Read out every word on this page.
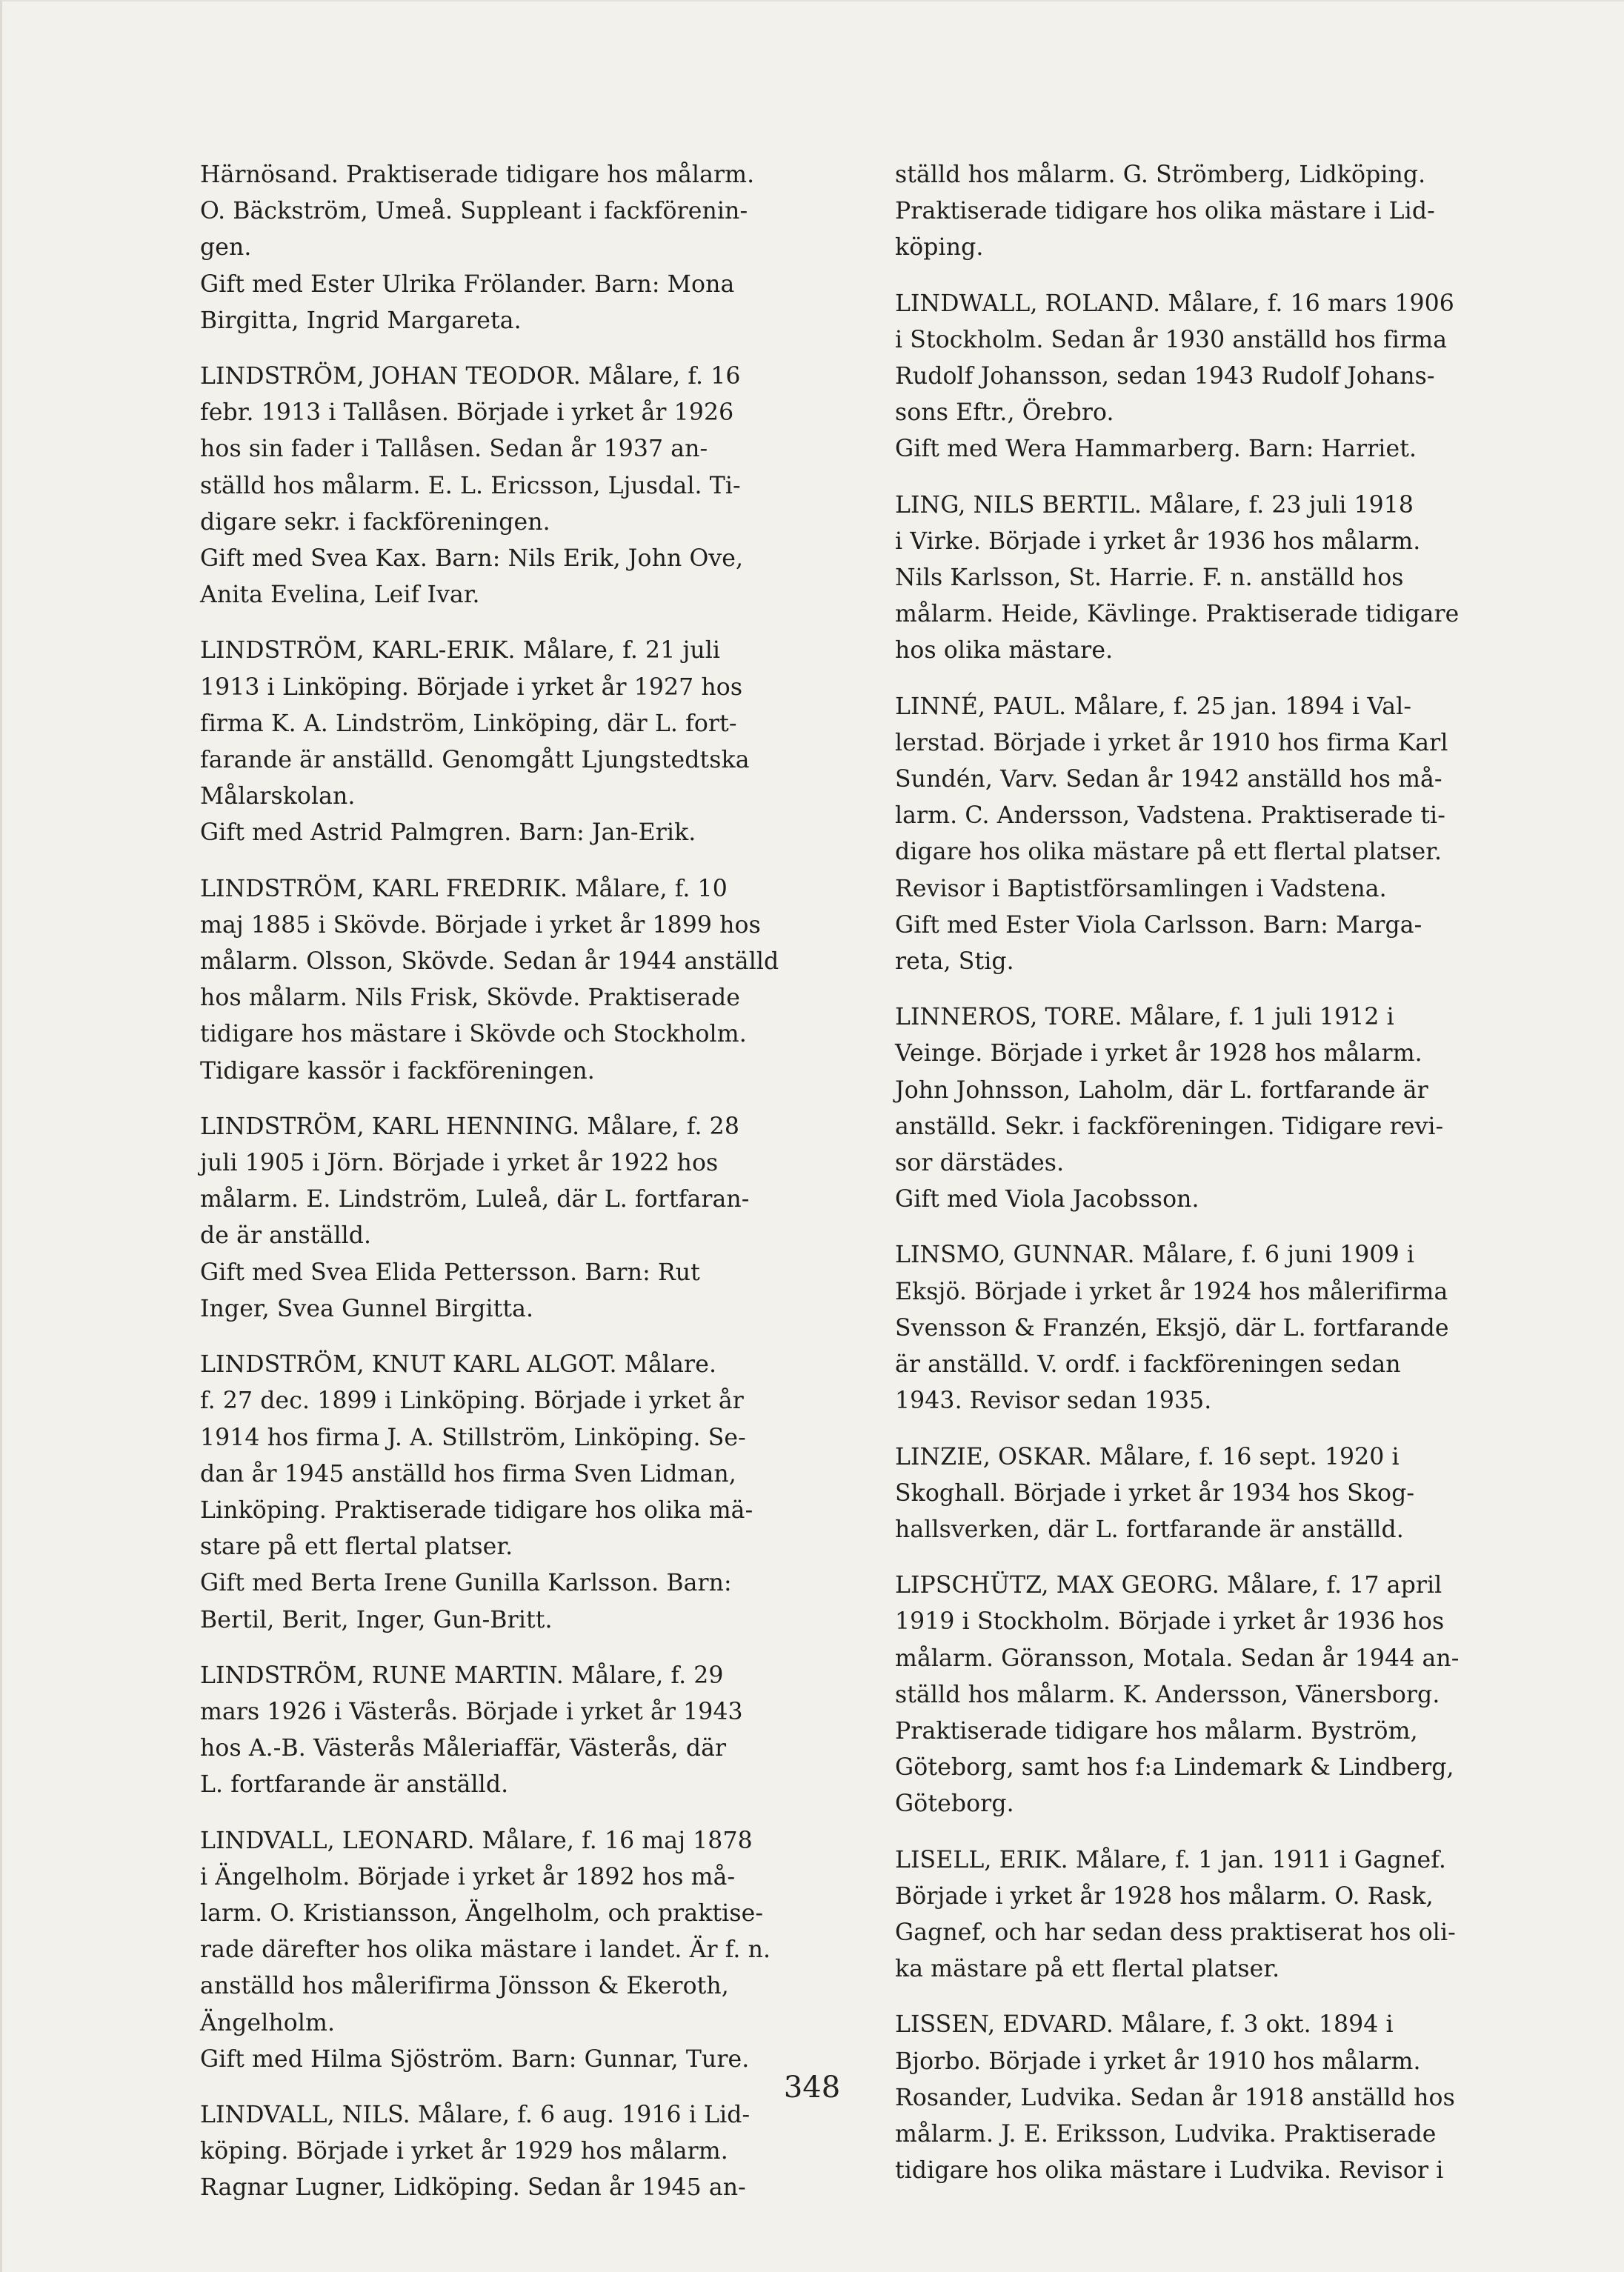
Härnösand. Praktiserade tidigare hos målarm.
O. Bäckström, Umeå. Suppleant i fackförenin-
gen.
Gift med Ester Ulrika Frölander. Barn: Mona
Birgitta, Ingrid Margareta.
LINDSTRÖM, JOHAN TEODOR. Målare, f. 16
febr. 1913 i Tallåsen. Började i yrket år 1926
hos sin fader i Tallåsen. Sedan år 1937 an-
ställd hos målarm. E. L. Ericsson, Ljusdal. Ti-
digare sekr. i fackföreningen.
Gift med Svea Kax. Barn: Nils Erik, John Ove,
Anita Evelina, Leif Ivar.
LINDSTRÖM, KARL-ERIK. Målare, f. 21 juli
1913 i Linköping. Började i yrket år 1927 hos
firma K. A. Lindström, Linköping, där L. fort-
farande är anställd. Genomgått Ljungstedtska
Målarskolan.
Gift med Astrid Palmgren. Barn: Jan-Erik.
LINDSTRÖM, KARL FREDRIK. Målare, f. 10
maj 1885 i Skövde. Började i yrket år 1899 hos
målarm. Olsson, Skövde. Sedan år 1944 anställd
hos målarm. Nils Frisk, Skövde. Praktiserade
tidigare hos mästare i Skövde och Stockholm.
Tidigare kassör i fackföreningen.
LINDSTRÖM, KARL HENNING. Målare, f. 28
juli 1905 i Jörn. Började i yrket år 1922 hos
målarm. E. Lindström, Luleå, där L. fortfaran-
de är anställd.
Gift med Svea Elida Pettersson. Barn: Rut
Inger, Svea Gunnel Birgitta.
LINDSTRÖM, KNUT KARL ALGOT. Målare.
f. 27 dec. 1899 i Linköping. Började i yrket år
1914 hos firma J. A. Stillström, Linköping. Se-
dan år 1945 anställd hos firma Sven Lidman,
Linköping. Praktiserade tidigare hos olika mä-
stare på ett flertal platser.
Gift med Berta Irene Gunilla Karlsson. Barn:
Bertil, Berit, Inger, Gun-Britt.
LINDSTRÖM, RUNE MARTIN. Målare, f. 29
mars 1926 i Västerås. Började i yrket år 1943
hos A.-B. Västerås Måleriaffär, Västerås, där
L. fortfarande är anställd.
LINDVALL, LEONARD. Målare, f. 16 maj 1878
i Ängelholm. Började i yrket år 1892 hos må-
larm. O. Kristiansson, Ängelholm, och praktise-
rade därefter hos olika mästare i landet. Är f. n.
anställd hos målerifirma Jönsson & Ekeroth,
Ängelholm.
Gift med Hilma Sjöström. Barn: Gunnar, Ture.
LINDVALL, NILS. Målare, f. 6 aug. 1916 i Lid-
köping. Började i yrket år 1929 hos målarm.
Ragnar Lugner, Lidköping. Sedan år 1945 an-
ställd hos målarm. G. Strömberg, Lidköping.
Praktiserade tidigare hos olika mästare i Lid-
köping.
LINDWALL, ROLAND. Målare, f. 16 mars 1906
i Stockholm. Sedan år 1930 anställd hos firma
Rudolf Johansson, sedan 1943 Rudolf Johans-
sons Eftr., Örebro.
Gift med Wera Hammarberg. Barn: Harriet.
LING, NILS BERTIL. Målare, f. 23 juli 1918
i Virke. Började i yrket år 1936 hos målarm.
Nils Karlsson, St. Harrie. F. n. anställd hos
målarm. Heide, Kävlinge. Praktiserade tidigare
hos olika mästare.
LINNÉ, PAUL. Målare, f. 25 jan. 1894 i Val-
lerstad. Började i yrket år 1910 hos firma Karl
Sundén, Varv. Sedan år 1942 anställd hos må-
larm. C. Andersson, Vadstena. Praktiserade ti-
digare hos olika mästare på ett flertal platser.
Revisor i Baptistförsamlingen i Vadstena.
Gift med Ester Viola Carlsson. Barn: Marga-
reta, Stig.
LINNEROS, TORE. Målare, f. 1 juli 1912 i
Veinge. Började i yrket år 1928 hos målarm.
John Johnsson, Laholm, där L. fortfarande är
anställd. Sekr. i fackföreningen. Tidigare revi-
sor därstädes.
Gift med Viola Jacobsson.
LINSMO, GUNNAR. Målare, f. 6 juni 1909 i
Eksjö. Började i yrket år 1924 hos målerifirma
Svensson & Franzén, Eksjö, där L. fortfarande
är anställd. V. ordf. i fackföreningen sedan
1943. Revisor sedan 1935.
LINZIE, OSKAR. Målare, f. 16 sept. 1920 i
Skoghall. Började i yrket år 1934 hos Skog-
hallsverken, där L. fortfarande är anställd.
LIPSCHÜTZ, MAX GEORG. Målare, f. 17 april
1919 i Stockholm. Började i yrket år 1936 hos
målarm. Göransson, Motala. Sedan år 1944 an-
ställd hos målarm. K. Andersson, Vänersborg.
Praktiserade tidigare hos målarm. Byström,
Göteborg, samt hos f:a Lindemark & Lindberg,
Göteborg.
LISELL, ERIK. Målare, f. 1 jan. 1911 i Gagnef.
Började i yrket år 1928 hos målarm. O. Rask,
Gagnef, och har sedan dess praktiserat hos oli-
ka mästare på ett flertal platser.
LISSEN, EDVARD. Målare, f. 3 okt. 1894 i
Bjorbo. Började i yrket år 1910 hos målarm.
Rosander, Ludvika. Sedan år 1918 anställd hos
målarm. J. E. Eriksson, Ludvika. Praktiserade
tidigare hos olika mästare i Ludvika. Revisor i
348
